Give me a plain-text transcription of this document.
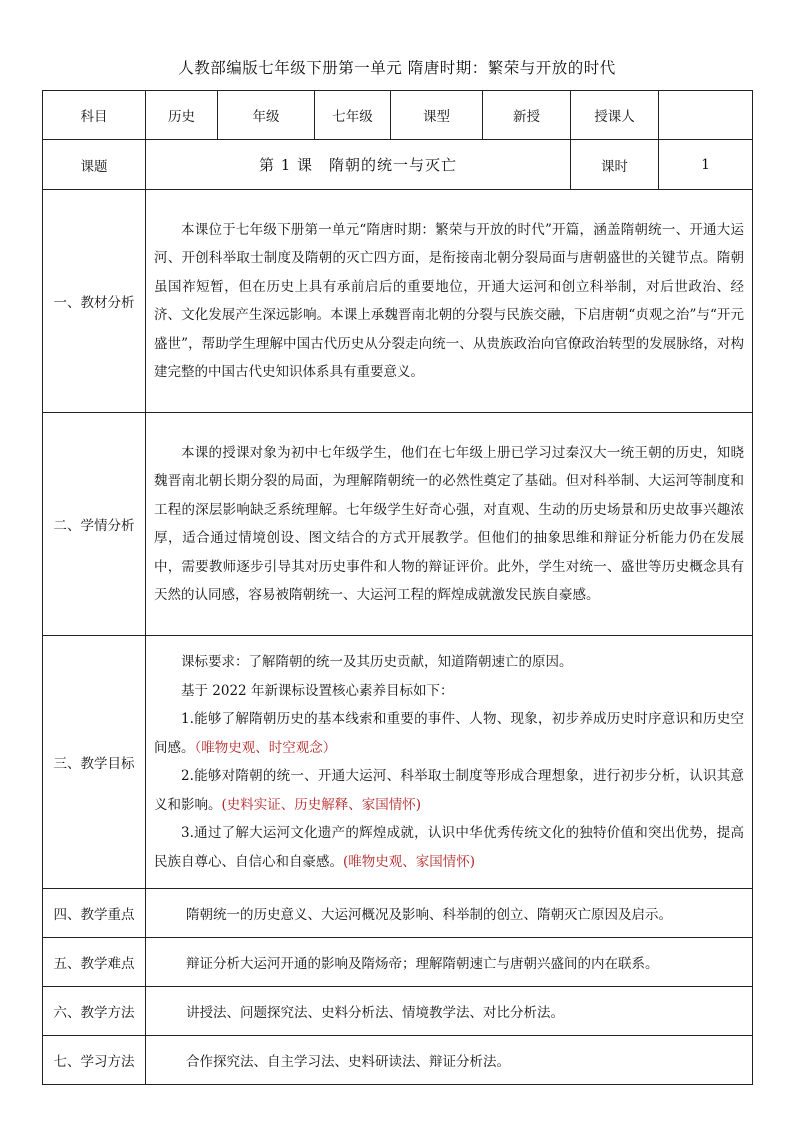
人教部编版七年级下册第一单元 隋唐时期：繁荣与开放的时代
科目	历史	年级	七年级	课型	新授	授课人	
课题	第 1 课　隋朝的统一与灭亡					课时	1
一、教材分析	本课位于七年级下册第一单元“隋唐时期：繁荣与开放的时代”开篇，涵盖隋朝统一、开通大运河、开创科举取士制度及隋朝的灭亡四方面，是衔接南北朝分裂局面与唐朝盛世的关键节点。隋朝虽国祚短暂，但在历史上具有承前启后的重要地位，开通大运河和创立科举制，对后世政治、经济、文化发展产生深远影响。本课上承魏晋南北朝的分裂与民族交融，下启唐朝“贞观之治”与“开元盛世”，帮助学生理解中国古代历史从分裂走向统一、从贵族政治向官僚政治转型的发展脉络，对构建完整的中国古代史知识体系具有重要意义。						

二、学情分析	本课的授课对象为初中七年级学生，他们在七年级上册已学习过秦汉大一统王朝的历史，知晓魏晋南北朝长期分裂的局面，为理解隋朝统一的必然性奠定了基础。但对科举制、大运河等制度和工程的深层影响缺乏系统理解。七年级学生好奇心强，对直观、生动的历史场景和历史故事兴趣浓厚，适合通过情境创设、图文结合的方式开展教学。但他们的抽象思维和辩证分析能力仍在发展中，需要教师逐步引导其对历史事件和人物的辩证评价。此外，学生对统一、盛世等历史概念具有天然的认同感，容易被隋朝统一、大运河工程的辉煌成就激发民族自豪感。						

三、教学目标	课标要求：了解隋朝的统一及其历史贡献，知道隋朝速亡的原因。

基于 2022 年新课标设置核心素养目标如下：

1.能够了解隋朝历史的基本线索和重要的事件、人物、现象，初步养成历史时序意识和历史空间感。（唯物史观、时空观念）

2.能够对隋朝的统一、开通大运河、科举取士制度等形成合理想象，进行初步分析，认识其意义和影响。(史料实证、历史解释、家国情怀)

3.通过了解大运河文化遗产的辉煌成就，认识中华优秀传统文化的独特价值和突出优势，提高民族自尊心、自信心和自豪感。(唯物史观、家国情怀)						

四、教学重点	隋朝统一的历史意义、大运河概况及影响、科举制的创立、隋朝灭亡原因及启示。						
五、教学难点	辩证分析大运河开通的影响及隋炀帝；理解隋朝速亡与唐朝兴盛间的内在联系。						
六、教学方法	讲授法、问题探究法、史料分析法、情境教学法、对比分析法。						
七、学习方法	合作探究法、自主学习法、史料研读法、辩证分析法。						
